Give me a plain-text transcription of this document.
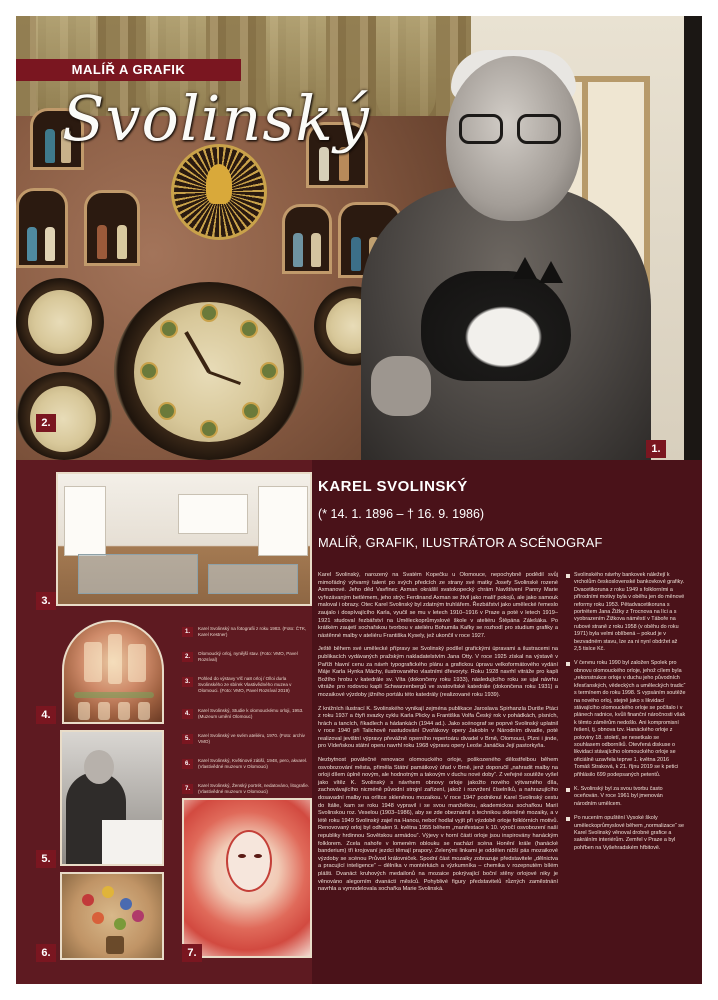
MALÍŘ A GRAFIK
Svolinský
2.
1.
3.
4.
5.
6.	7.
1.
Karel Svolinský na fotografii z roku 1983. (Foto: ČTK, Karel Kestner)
2.
Olomoucký orloj, nynější stav. (Foto: VMO, Pavel Rozsíval)
3.
Pohled do výstavy Vlč na8 orloj / Olloi durla Svolinského ze sbírek Vlastivědného muzea v Olomouci. (Foto: VMO, Pavel Rozsíval 2019)
4.
Karel Svolinský, Studie k olomouckému orloji, 1953. (Muzeum umění Olomouc)
5.
Karel Svolinský ve svém ateliéru, 1970. (Foto: archiv VMO)
6.
Karel Svolinský, Květinové zátiší, 1948, pero, akvarel. (Vlastivědné muzeum v Olomouci)
7.
Karel Svolinský, Ženský portrét, nedatováno, litografie. (Vlastivědné muzeum v Olomouci)
KAREL SVOLINSKÝ
(* 14. 1. 1896 – † 16. 9. 1986)
MALÍŘ, GRAFIK, ILUSTRÁTOR A SCÉNOGRAF

Karel Svolinský, narozený na Svatém Kopečku u Olomouce, nepochybně podědil svůj mimořádný výtvarný talent po svých předcích ze strany své matky Josefy Svolinské rozené Axmanové. Jeho děd Vavřinec Axman okrášlil svatokopecký chrám Navštívení Panny Marie vyřezávaným betlémem, jeho strýc Ferdinand Axman se živil jako malíř pokojů, ale jako samouk maloval i obrazy. Otec Karel Svolinský byl zdatným truhlářem. Řezbářství jako umělecké řemeslo zaujalo i dospívajícího Karla, vyučil se mu v letech 1910–1916 v Praze a poté v letech 1919–1921 studoval řezbářství na Uměleckoprůmyslové škole v ateliéru Štěpána Zálešáka. Po krátkém zaujetí sochařskou tvorbou v ateliéru Bohumila Kafky se rozhodl pro studium grafiky a nástěnné malby v ateliéru Františka Kysely, jež ukončil v roce 1927.

Ještě během své umělecké přípravy se Svolinský podílel grafickými úpravami a ilustracemi na publikacích vydávaných pražským nakladatelstvím Jana Otty. V roce 1925 získal na výstavě v Paříži hlavní cenu za návrh typografického plánu a grafickou úpravu velkoformátového vydání Máje Karla Hynka Máchy, ilustrovaného vlastními dřevoryty. Roku 1928 navrhl vitráže pro kapli Božího hrobu v katedrále sv. Víta (dokončeny roku 1933), následujícího roku se ujal návrhu vitráže pro rodovou kapli Schwarzenbergů ve svatovítské katedrále (dokončena roku 1931) a mozaikové výzdoby jižního portálu této katedrály (realizované roku 1939).

Z knižních ilustrací K. Svolinského vynikají zejména publikace Jaroslava Spirhanzla Duriše Ptáci z roku 1937 a čtyři svazky cyklu Karla Plicky a Františka Volfa Český rok v pohádkách, písních, hrách a tancích, říkadlech a hádankách (1944 ad.). Jako scénograf se poprvé Svolinský uplatnil v roce 1940 při Talichově nastudování Dvořákovy opery Jakobín v Národním divadle, poté realizoval jevištní výpravy převážně operního repertoáru divadel v Brně, Olomouci, Plzni i jinde, pro Vídeňskou státní operu navrhl roku 1968 výpravu opery Leoše Janáčka Její pastorkyňa.

Nezbytnost poválečné renovace olomouckého orloje, poškozeného dělostřelbou během osvobozování města, přiměla Státní památkový úřad v Brně, jenž doporučil „nahradit malby na orloji dílem úplně novým, ale hodnotným a takovým v duchu nové doby“. Z veřejné soutěže vyšel jako vítěz K. Svolinský s návrhem obnovy orloje jakožto nového výtvarného díla, zachovávajícího nicméně původní strojní zařízení, jakož i rozvržení číselníků, a nahrazujícího dosavadní malby na orlítce skleněnou mozaikou. V roce 1947 podniknul Karel Svolinský cestu do Itálie, kam se roku 1948 vypravil i se svou manželkou, akademickou sochařkou Marií Svolinskou roz. Veselou (1903–1986), aby se zde obeznámil s technikou skleněné mozaiky, a v létě roku 1949 Svolinský zajel na Hanou, neboť hodlal vyjít při výzdobě orloje folklórních motivů. Renovovaný orloj byl odhalen 9. května 1955 během „manifestace k 10. výročí osvobození naší republiky hrdinnou Sovětskou armádou“. Výjevy v horní části orloje jsou inspirovány hanáckým folklorem. Zcela nahoře v lomeném oblouku se nachází scéna Honění krále (hanácké banderium) tři krojovaní jezdci těmají prapory. Zelenými linkami je oddělen nižší pás mozaikové výzdoby se scénou Průvod královniček. Spodní část mozaiky zobrazuje představitele „dělnictva a pracující inteligence“ – dělníka v montérkách a výzkumníka – chemika v rozepnutém bílém plášti. Dvanáct kruhových medailonů na mozaice pokrývající boční stěny orlojové niky je věnováno alegorním dvanácti měsíců. Pohyblivé figury představitelů různých zaměstnání navrhla a vymodelovala sochařka Marie Svolinská.

Svolinského návrhy bankovek náležejí k vrcholům československé bankovkové grafiky. Dvacetikoruna z roku 1949 s folklorními a přírodními motivy byla v oběhu jen do měnové reformy roku 1953. Pětadvacetikoruna s portrétem Jana Žižky z Trocnova na líci a s vyobrazením Žižkova náměstí v Táboře na rubové straně z roku 1958 (v oběhu do roku 1971) byla velmi oblíbená – pokud je v bezvadném stavu, lze za ni nyní obdržet až 2,5 tisíce Kč.
V červnu roku 1990 byl založen Spolek pro obnovu olomouckého orloje, jehož cílem byla „rekonstrukce orloje v duchu jeho původních křesťanských, vědeckých a uměleckých tradic“ s termínem do roku 1998. S vypsáním soutěže na nového orloj, stejně jako s likvidací stávajícího olomouckého orloje se počítalo i v plánech radnice, kvůli finanční náročnosti však k těmto záměrům nedošlo. Ani kompromisní řešení, tj. obnova tzv. Hanáckého orloje z poloviny 18. století, se nesetkalo se souhlasem odborníků. Otevřená diskuse o likvidaci stávajícího olomouckého orloje se oficiálně uzavřela teprve 1. května 2016 Tomáš Straková, k 21. říjnu 2019 se k petici přihlásilo 699 podepsaných petentů.
K. Svolinský byl za svou tvorbu často oceňován. V roce 1961 byl jmenován národním umělcem.
Po nucením opuštění Vysoké školy uměleckoprůmyslové během „normalizace“ se Karel Svolinský věnoval drobné grafice a sakrálním interiérům. Zemřel v Praze a byl pohřben na Vyšehradském hřbitově.
